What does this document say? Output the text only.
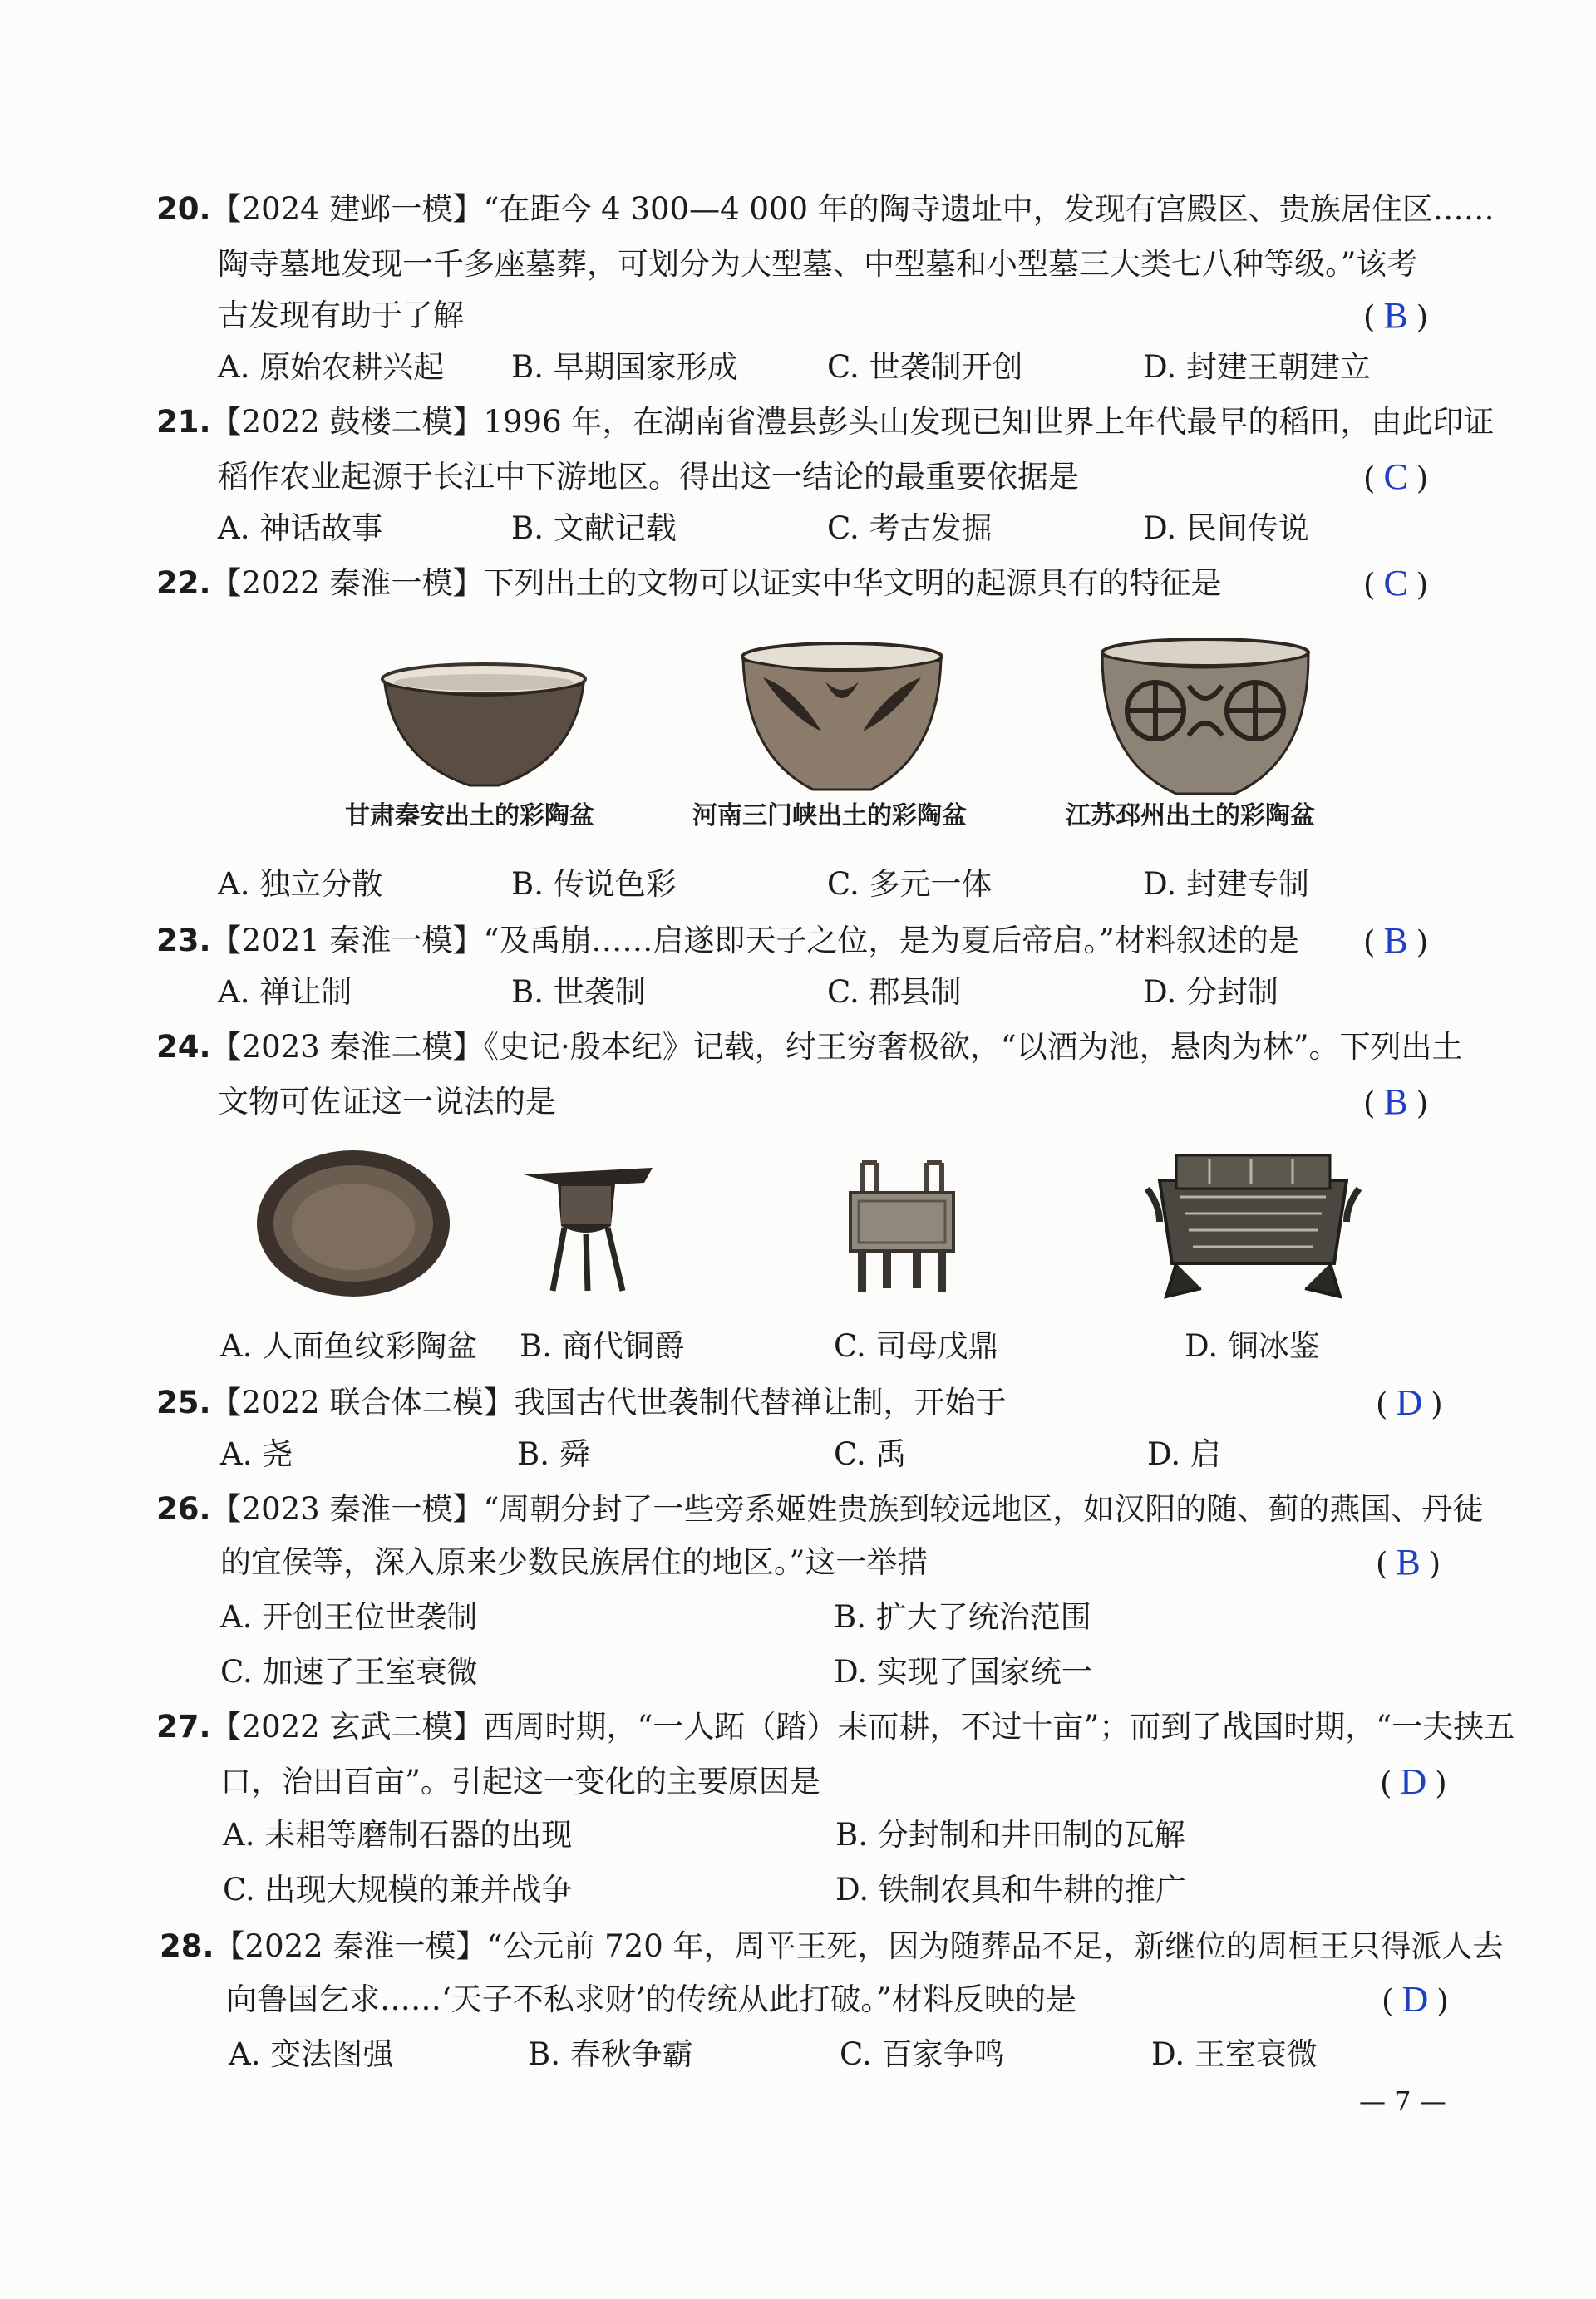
20.【2024 建邺一模】“在距今 4 300—4 000 年的陶寺遗址中，发现有宫殿区、贵族居住区……
陶寺墓地发现一千多座墓葬，可划分为大型墓、中型墓和小型墓三大类七八种等级。”该考
古发现有助于了解	( B )
A. 原始农耕兴起 B. 早期国家形成	C. 世袭制开创	D. 封建王朝建立
21.【2022 鼓楼二模】1996 年，在湖南省澧县彭头山发现已知世界上年代最早的稻田，由此印证
稻作农业起源于长江中下游地区。得出这一结论的最重要依据是	( C )
A. 神话故事	B. 文献记载	C. 考古发掘	D. 民间传说
22.【2022 秦淮一模】下列出土的文物可以证实中华文明的起源具有的特征是	( C )
甘肃秦安出土的彩陶盆	河南三门峡出土的彩陶盆	江苏邳州出土的彩陶盆
A. 独立分散	B. 传说色彩	C. 多元一体	D. 封建专制
23.【2021 秦淮一模】“及禹崩……启遂即天子之位，是为夏后帝启。”材料叙述的是 ( B )
A. 禅让制	B. 世袭制	C. 郡县制	D. 分封制
24.【2023 秦淮二模】《史记·殷本纪》记载，纣王穷奢极欲，“以酒为池，悬肉为林”。下列出土
文物可佐证这一说法的是	( B )
A. 人面鱼纹彩陶盆 B. 商代铜爵	C. 司母戊鼎	D. 铜冰鉴
25.【2022 联合体二模】我国古代世袭制代替禅让制，开始于	( D )
A. 尧	B. 舜	C. 禹	D. 启
26.【2023 秦淮一模】“周朝分封了一些旁系姬姓贵族到较远地区，如汉阳的随、蓟的燕国、丹徒
的宜侯等，深入原来少数民族居住的地区。”这一举措	( B )
A. 开创王位世袭制	B. 扩大了统治范围
C. 加速了王室衰微	D. 实现了国家统一
27.【2022 玄武二模】西周时期，“一人跖（踏）耒而耕，不过十亩”；而到了战国时期，“一夫挟五
口，治田百亩”。引起这一变化的主要原因是	( D )
A. 耒耜等磨制石器的出现	B. 分封制和井田制的瓦解
C. 出现大规模的兼并战争	D. 铁制农具和牛耕的推广
28.【2022 秦淮一模】“公元前 720 年，周平王死，因为随葬品不足，新继位的周桓王只得派人去
向鲁国乞求……‘天子不私求财’的传统从此打破。”材料反映的是	( D )
A. 变法图强	B. 春秋争霸	C. 百家争鸣	D. 王室衰微
— 7 —
